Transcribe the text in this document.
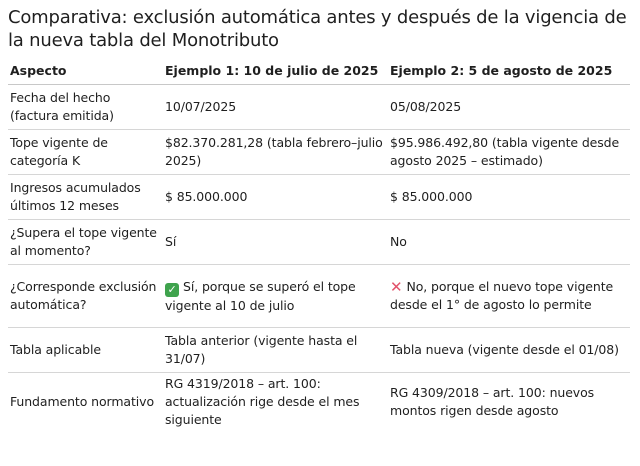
Comparativa: exclusión automática antes y después de la vigencia de la nueva tabla del Monotributo
Aspecto	Ejemplo 1: 10 de julio de 2025	Ejemplo 2: 5 de agosto de 2025
Fecha del hecho (factura emitida)	10/07/2025	05/08/2025
Tope vigente de categoría K	$82.370.281,28 (tabla febrero–julio 2025)	$95.986.492,80 (tabla vigente desde agosto 2025 – estimado)
Ingresos acumulados últimos 12 meses	$ 85.000.000	$ 85.000.000
¿Supera el tope vigente al momento?	Sí	No
¿Corresponde exclusión automática?	✓ Sí, porque se superó el tope vigente al 10 de julio	✕ No, porque el nuevo tope vigente desde el 1° de agosto lo permite
Tabla aplicable	Tabla anterior (vigente hasta el 31/07)	Tabla nueva (vigente desde el 01/08)
Fundamento normativo	RG 4319/2018 – art. 100: actualización rige desde el mes siguiente	RG 4309/2018 – art. 100: nuevos montos rigen desde agosto
